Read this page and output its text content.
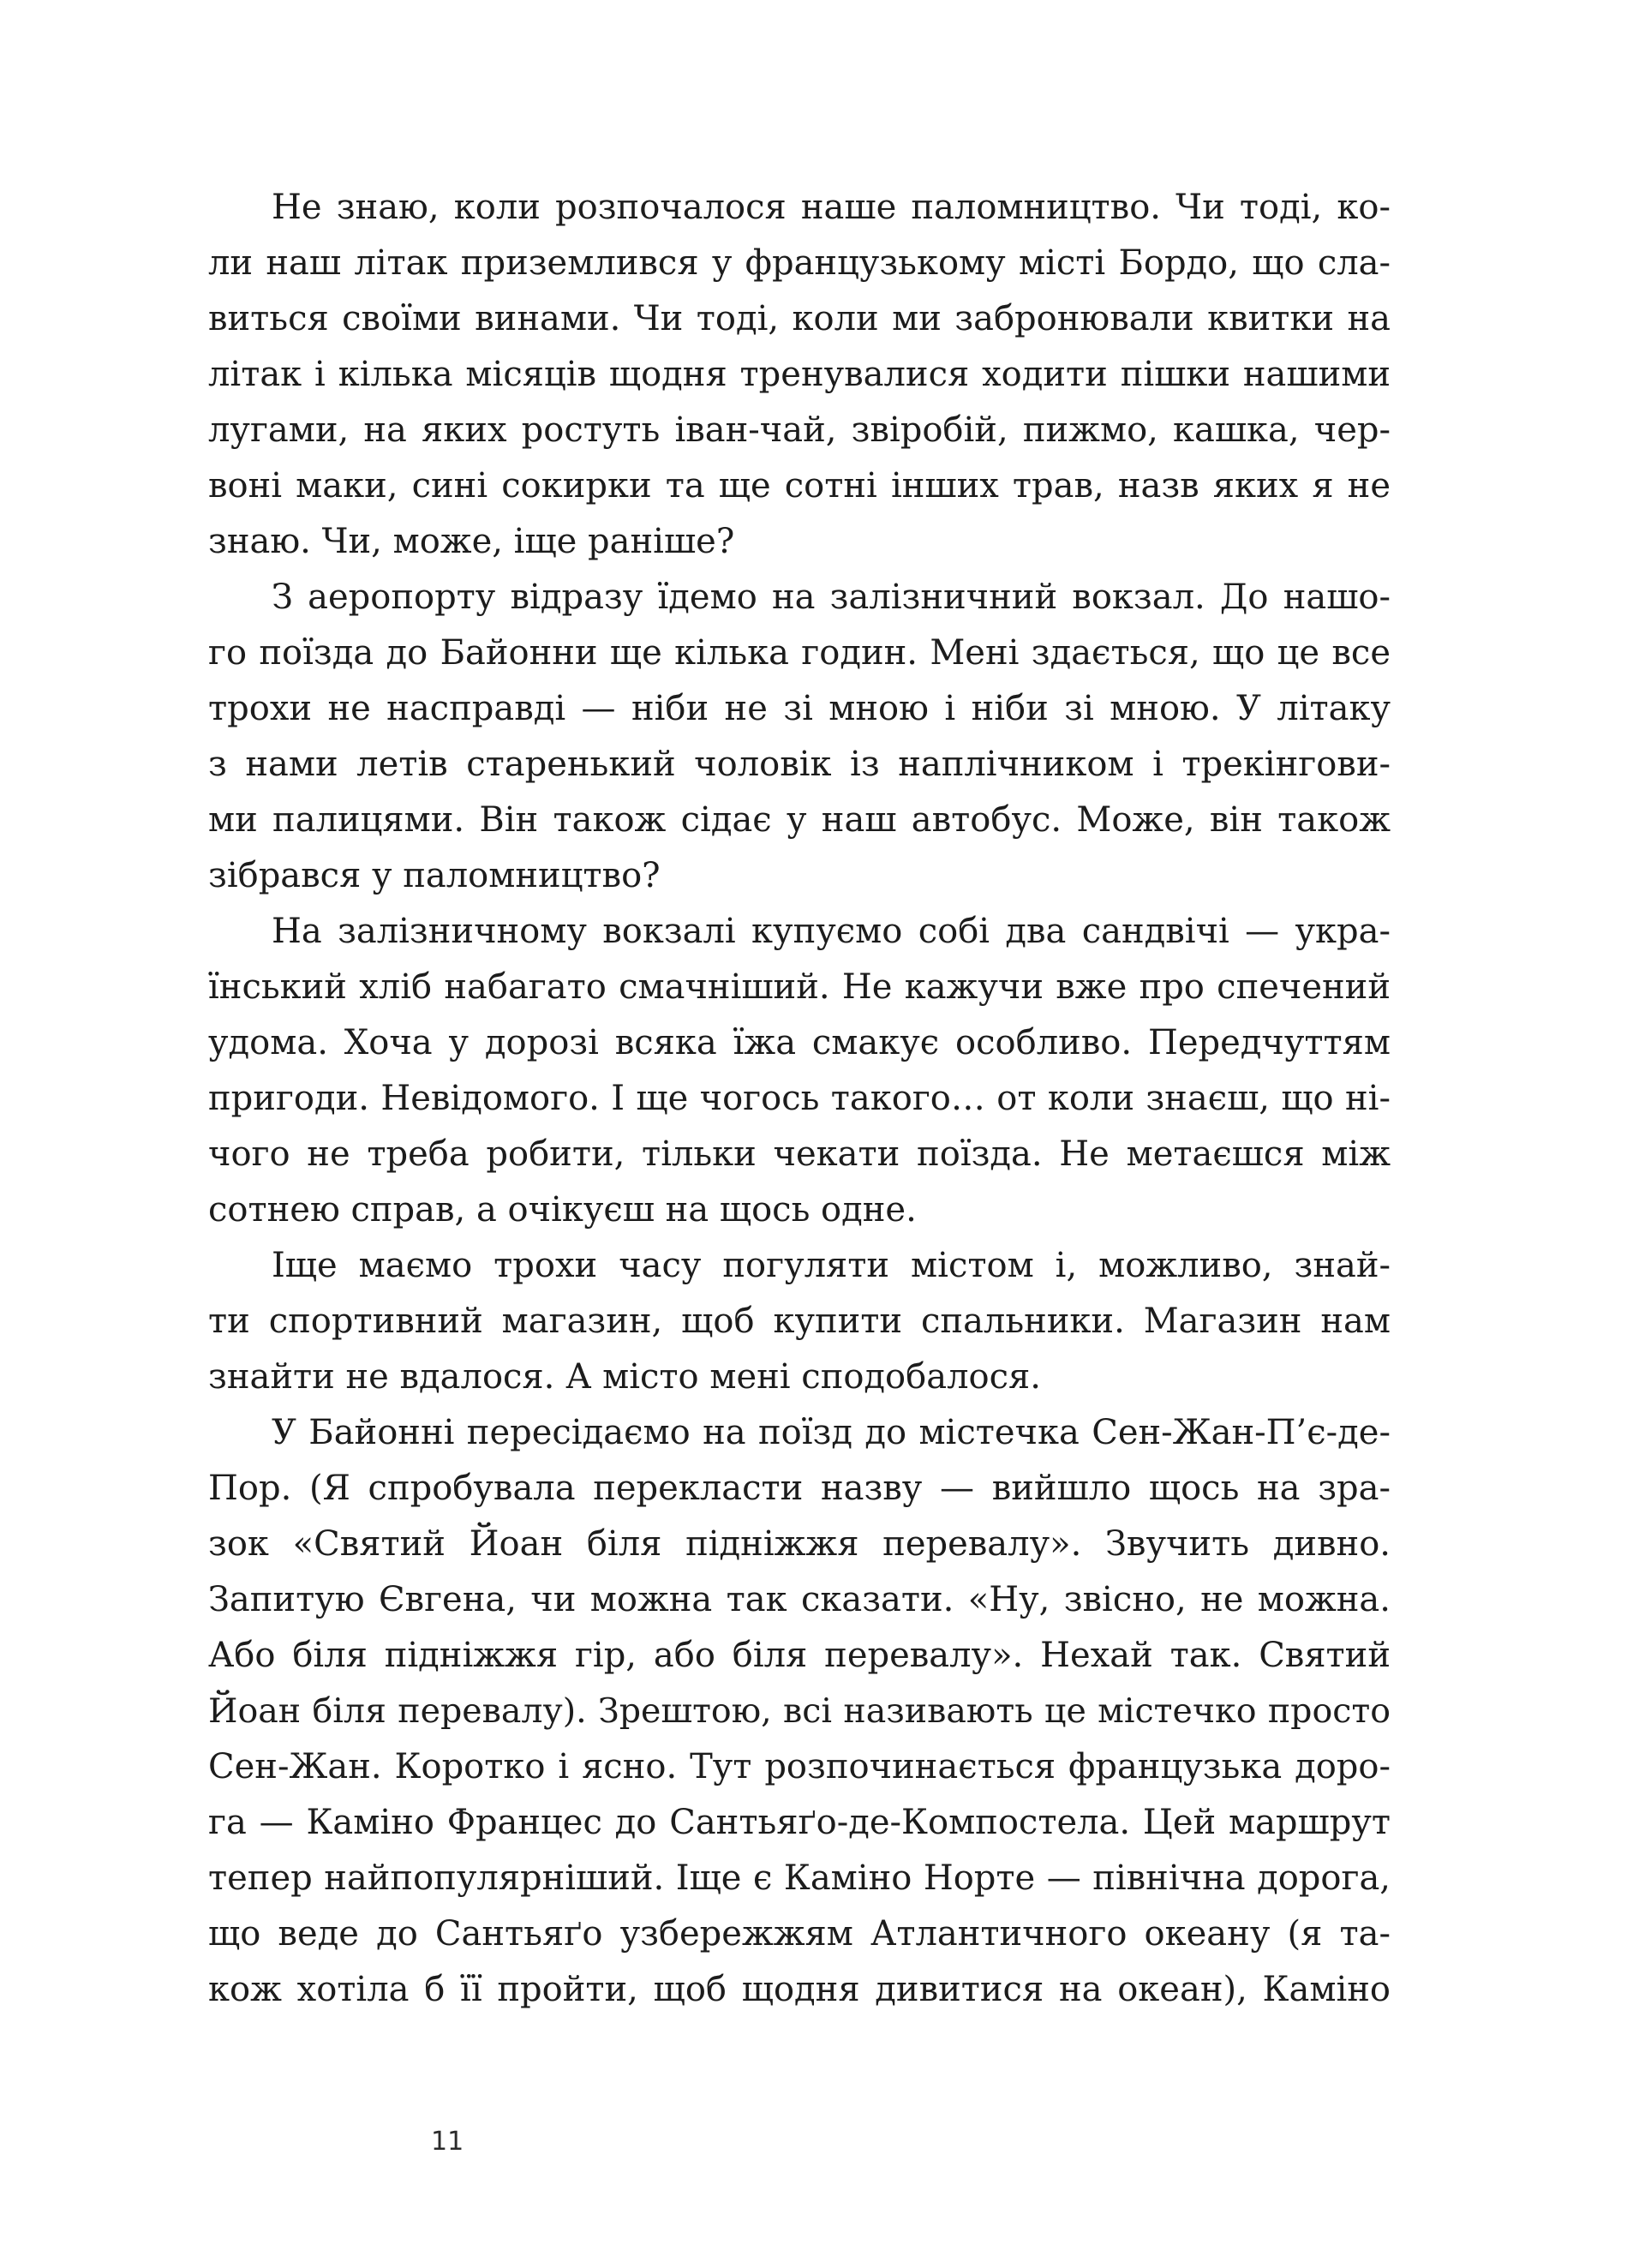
Не знаю, коли розпочалося наше паломництво. Чи тоді, ко-
ли наш літак приземлився у французькому місті Бордо, що сла-
виться своїми винами. Чи тоді, коли ми забронювали квитки на
літак і кілька місяців щодня тренувалися ходити пішки нашими
лугами, на яких ростуть іван-чай, звіробій, пижмо, кашка, чер-
воні маки, сині сокирки та ще сотні інших трав, назв яких я не
знаю. Чи, може, іще раніше?
З аеропорту відразу їдемо на залізничний вокзал. До нашо-
го поїзда до Байонни ще кілька годин. Мені здається, що це все
трохи не насправді — ніби не зі мною і ніби зі мною. У літаку
з нами летів старенький чоловік із наплічником і трекінгови-
ми палицями. Він також сідає у наш автобус. Може, він також
зібрався у паломництво?
На залізничному вокзалі купуємо собі два сандвічі — укра-
їнський хліб набагато смачніший. Не кажучи вже про спечений
удома. Хоча у дорозі всяка їжа смакує особливо. Передчуттям
пригоди. Невідомого. І ще чогось такого… от коли знаєш, що ні-
чого не треба робити, тільки чекати поїзда. Не метаєшся між
сотнею справ, а очікуєш на щось одне.
Іще маємо трохи часу погуляти містом і, можливо, знай-
ти спортивний магазин, щоб купити спальники. Магазин нам
знайти не вдалося. А місто мені сподобалося.
У Байонні пересідаємо на поїзд до містечка Сен-Жан-П’є-де-
Пор. (Я спробувала перекласти назву — вийшло щось на зра-
зок «Святий Йоан біля підніжжя перевалу». Звучить дивно.
Запитую Євгена, чи можна так сказати. «Ну, звісно, не можна.
Або біля підніжжя гір, або біля перевалу». Нехай так. Святий
Йоан біля перевалу). Зрештою, всі називають це містечко просто
Сен-Жан. Коротко і ясно. Тут розпочинається французька доро-
га — Каміно Францес до Сантьяґо-де-Компостела. Цей маршрут
тепер найпопулярніший. Іще є Каміно Норте — північна дорога,
що веде до Сантьяґо узбережжям Атлантичного океану (я та-
кож хотіла б її пройти, щоб щодня дивитися на океан), Каміно
11
